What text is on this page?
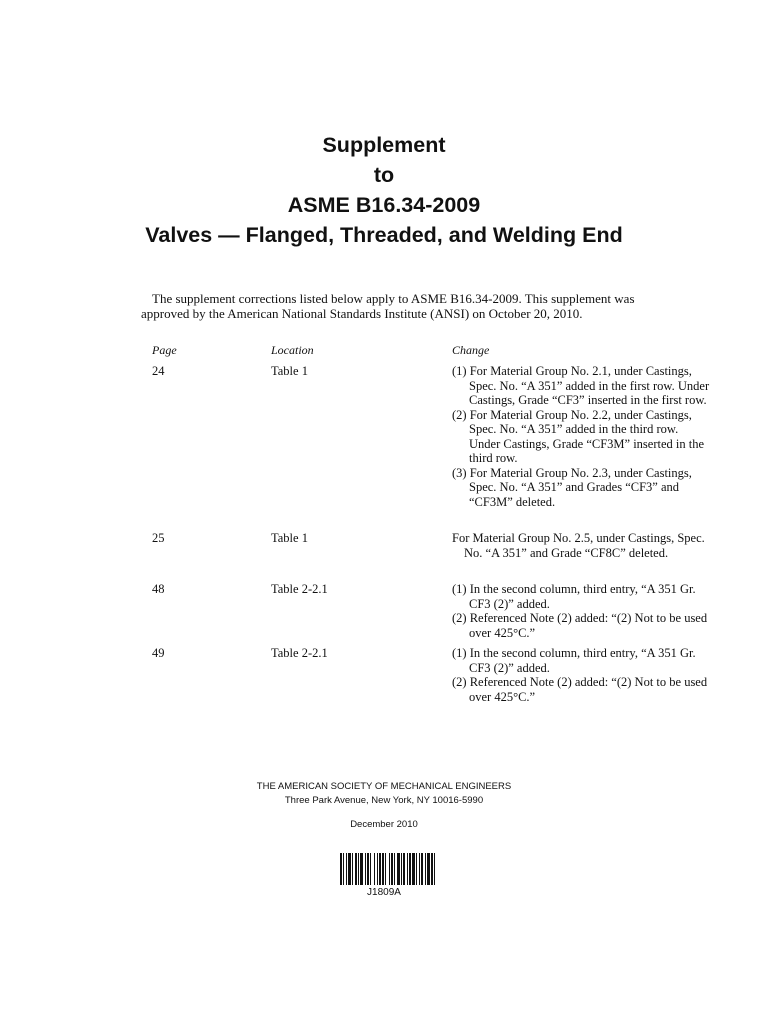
Supplement
to
ASME B16.34-2009
Valves — Flanged, Threaded, and Welding End

The supplement corrections listed below apply to ASME B16.34-2009. This supplement was approved by the American National Standards Institute (ANSI) on October 20, 2010.

Page	Location	Change
24	Table 1	(1) For Material Group No. 2.1, under Castings, Spec. No. “A 351” added in the first row. Under Castings, Grade “CF3” inserted in the first row.
(2) For Material Group No. 2.2, under Castings, Spec. No. “A 351” added in the third row. Under Castings, Grade “CF3M” inserted in the third row.
(3) For Material Group No. 2.3, under Castings, Spec. No. “A 351” and Grades “CF3” and “CF3M” deleted.
25	Table 1	For Material Group No. 2.5, under Castings, Spec. No. “A 351” and Grade “CF8C” deleted.
48	Table 2-2.1	(1) In the second column, third entry, “A 351 Gr. CF3 (2)” added.
(2) Referenced Note (2) added: “(2) Not to be used over 425°C.”
49	Table 2-2.1	(1) In the second column, third entry, “A 351 Gr. CF3 (2)” added.
(2) Referenced Note (2) added: “(2) Not to be used over 425°C.”
THE AMERICAN SOCIETY OF MECHANICAL ENGINEERS
Three Park Avenue, New York, NY 10016-5990
December 2010
J1809A
